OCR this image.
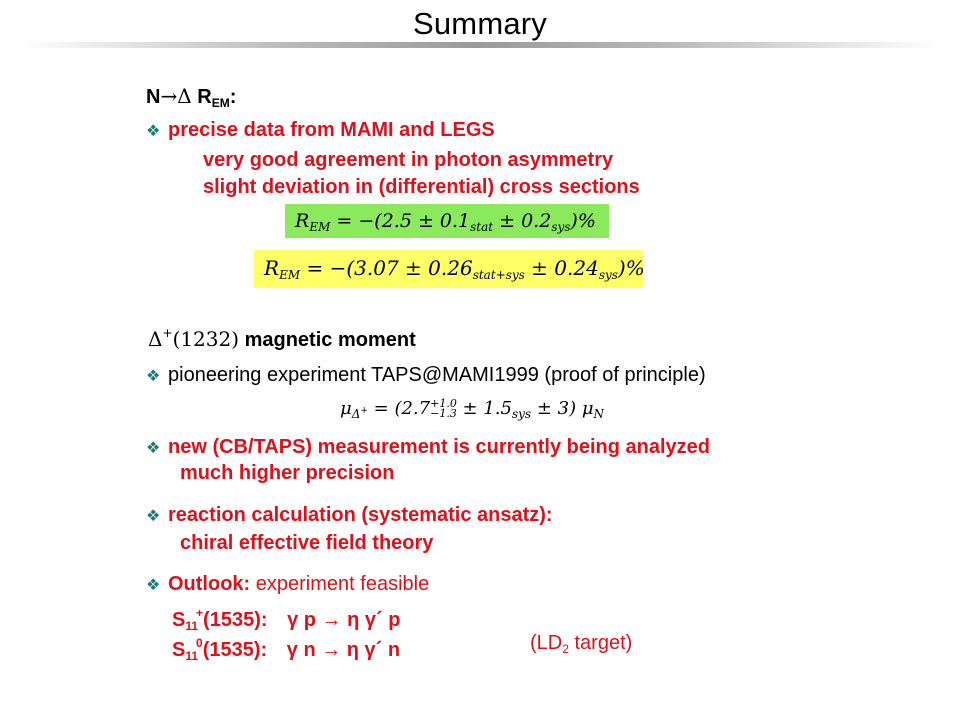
Summary
N→Δ $R_{EM}$:
❖ precise data from MAMI and LEGS
very good agreement in photon asymmetry
slight deviation in (differential) cross sections
$R_{EM} = -(2.5 \pm 0.1_{stat} \pm 0.2_{sys})\%$
$R_{EM} = -(3.07 \pm 0.26_{stat+sys} \pm 0.24_{sys})\%$
Δ+(1232) magnetic moment
❖ pioneering experiment TAPS@MAMI1999 (proof of principle)
$\mu_{\Delta^+} = (2.7+1.0$
$-1.3 \pm 1.5_{sys} \pm 3$) $\mu_N$
❖ new (CB/TAPS) measurement is currently being analyzed
much higher precision
❖ reaction calculation (systematic ansatz):
chiral effective field theory
❖ Outlook: experiment feasible
$S_{11}^+(1535)$: γ p → η γ´ p
$S_{11}^0(1535)$: γ n → η γ´ n	($LD_2$ target)
